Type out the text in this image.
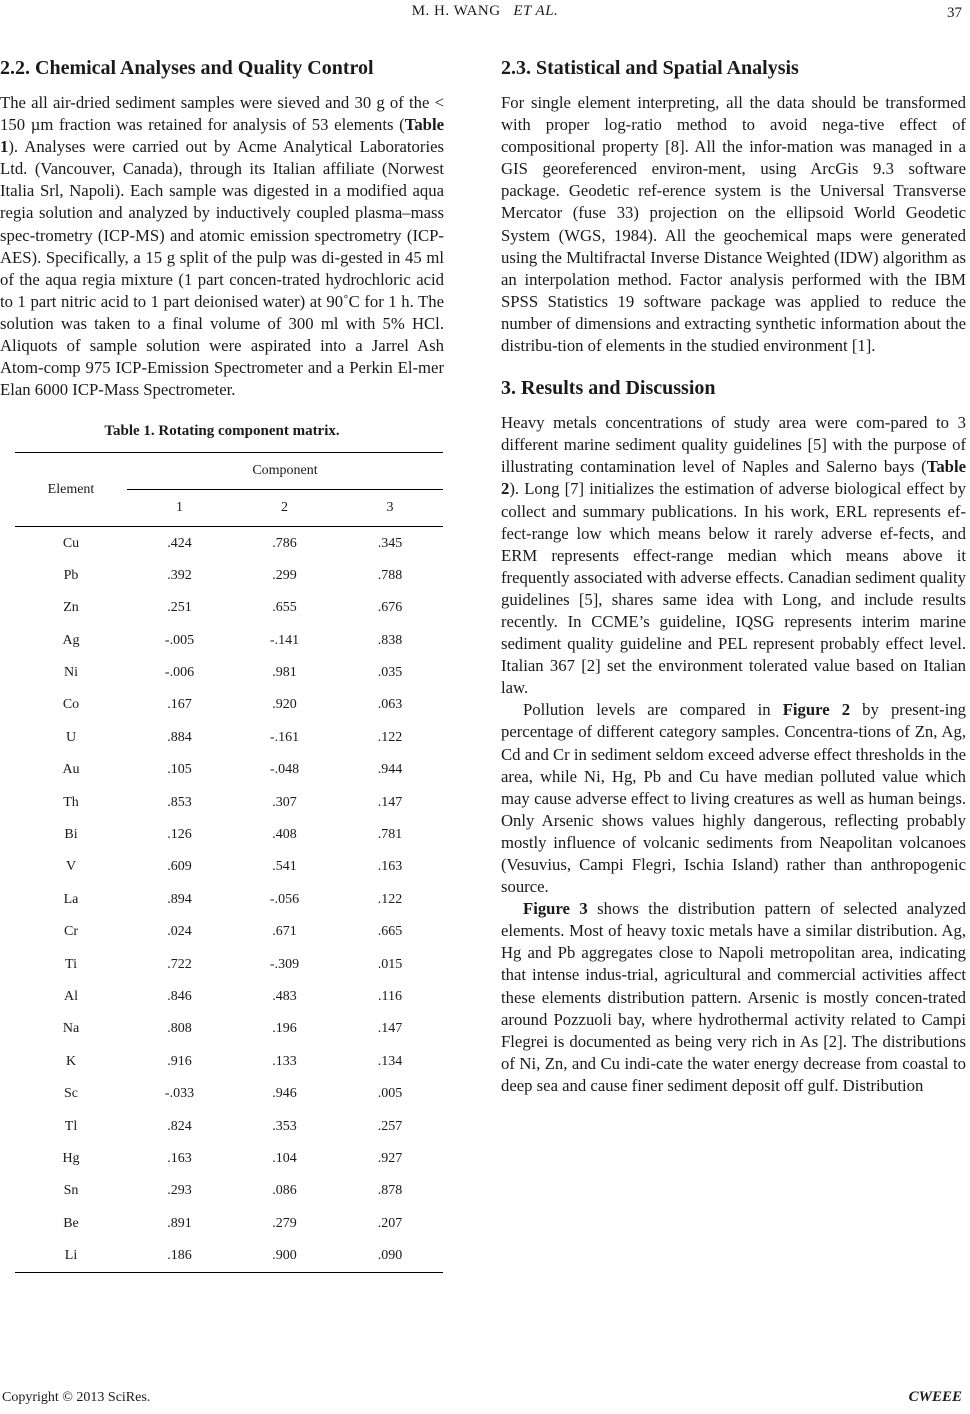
M. H. WANG ET AL.	37
2.2. Chemical Analyses and Quality Control

The all air-dried sediment samples were sieved and 30 g of the < 150 µm fraction was retained for analysis of 53 elements (Table 1). Analyses were carried out by Acme Analytical Laboratories Ltd. (Vancouver, Canada), through its Italian affiliate (Norwest Italia Srl, Napoli). Each sample was digested in a modified aqua regia solution and analyzed by inductively coupled plasma–mass spec-trometry (ICP-MS) and atomic emission spectrometry (ICP-AES). Specifically, a 15 g split of the pulp was di-gested in 45 ml of the aqua regia mixture (1 part concen-trated hydrochloric acid to 1 part nitric acid to 1 part deionised water) at 90˚C for 1 h. The solution was taken to a final volume of 300 ml with 5% HCl. Aliquots of sample solution were aspirated into a Jarrel Ash Atom-comp 975 ICP-Emission Spectrometer and a Perkin El-mer Elan 6000 ICP-Mass Spectrometer.

Table 1. Rotating component matrix.
Element	Component		
	1	2	3
Cu	.424	.786	.345
Pb	.392	.299	.788
Zn	.251	.655	.676
Ag	-.005	-.141	.838
Ni	-.006	.981	.035
Co	.167	.920	.063
U	.884	-.161	.122
Au	.105	-.048	.944
Th	.853	.307	.147
Bi	.126	.408	.781
V	.609	.541	.163
La	.894	-.056	.122
Cr	.024	.671	.665
Ti	.722	-.309	.015
Al	.846	.483	.116
Na	.808	.196	.147
K	.916	.133	.134
Sc	-.033	.946	.005
Tl	.824	.353	.257
Hg	.163	.104	.927
Sn	.293	.086	.878
Be	.891	.279	.207
Li	.186	.900	.090
2.3. Statistical and Spatial Analysis

For single element interpreting, all the data should be transformed with proper log-ratio method to avoid nega-tive effect of compositional property [8]. All the infor-mation was managed in a GIS georeferenced environ-ment, using ArcGis 9.3 software package. Geodetic ref-erence system is the Universal Transverse Mercator (fuse 33) projection on the ellipsoid World Geodetic System (WGS, 1984). All the geochemical maps were generated using the Multifractal Inverse Distance Weighted (IDW) algorithm as an interpolation method. Factor analysis performed with the IBM SPSS Statistics 19 software package was applied to reduce the number of dimensions and extracting synthetic information about the distribu-tion of elements in the studied environment [1].

3. Results and Discussion

Heavy metals concentrations of study area were com-pared to 3 different marine sediment quality guidelines [5] with the purpose of illustrating contamination level of Naples and Salerno bays (Table 2). Long [7] initializes the estimation of adverse biological effect by collect and summary publications. In his work, ERL represents ef-fect-range low which means below it rarely adverse ef-fects, and ERM represents effect-range median which means above it frequently associated with adverse effects. Canadian sediment quality guidelines [5], shares same idea with Long, and include results recently. In CCME’s guideline, IQSG represents interim marine sediment quality guideline and PEL represent probably effect level. Italian 367 [2] set the environment tolerated value based on Italian law.

Pollution levels are compared in Figure 2 by present-ing percentage of different category samples. Concentra-tions of Zn, Ag, Cd and Cr in sediment seldom exceed adverse effect thresholds in the area, while Ni, Hg, Pb and Cu have median polluted value which may cause adverse effect to living creatures as well as human beings. Only Arsenic shows values highly dangerous, reflecting probably mostly influence of volcanic sediments from Neapolitan volcanoes (Vesuvius, Campi Flegri, Ischia Island) rather than anthropogenic source.

Figure 3 shows the distribution pattern of selected analyzed elements. Most of heavy toxic metals have a similar distribution. Ag, Hg and Pb aggregates close to Napoli metropolitan area, indicating that intense indus-trial, agricultural and commercial activities affect these elements distribution pattern. Arsenic is mostly concen-trated around Pozzuoli bay, where hydrothermal activity related to Campi Flegrei is documented as being very rich in As [2]. The distributions of Ni, Zn, and Cu indi-cate the water energy decrease from coastal to deep sea and cause finer sediment deposit off gulf. Distribution

Copyright © 2013 SciRes.	CWEEE
